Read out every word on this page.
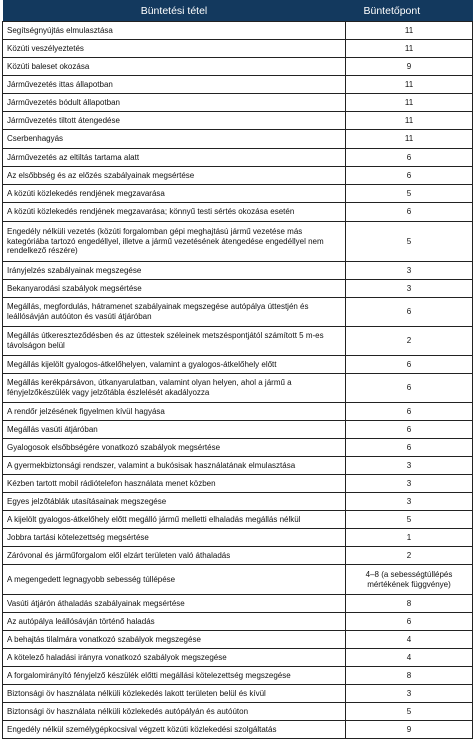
Büntetési tétel	Büntetőpont
Segítségnyújtás elmulasztása	11
Közúti veszélyeztetés	11
Közúti baleset okozása	9
Járművezetés ittas állapotban	11
Járművezetés bódult állapotban	11
Járművezetés tiltott átengedése	11
Cserbenhagyás	11
Járművezetés az eltiltás tartama alatt	6
Az elsőbbség és az előzés szabályainak megsértése	6
A közúti közlekedés rendjének megzavarása	5
A közúti közlekedés rendjének megzavarása; könnyű testi sértés okozása esetén	6
Engedély nélküli vezetés (közúti forgalomban gépi meghajtású jármű vezetése más kategóriába tartozó engedéllyel, illetve a jármű vezetésének átengedése engedéllyel nem rendelkező részére)	5
Irányjelzés szabályainak megszegése	3
Bekanyarodási szabályok megsértése	3
Megállás, megfordulás, hátramenet szabályainak megszegése autópálya úttestjén és leállósávján autóúton és vasúti átjáróban	6
Megállás útkereszteződésben és az úttestek széleinek metszéspontjától számított 5 m-es távolságon belül	2
Megállás kijelölt gyalogos-átkelőhelyen, valamint a gyalogos-átkelőhely előtt	6
Megállás kerékpársávon, útkanyarulatban, valamint olyan helyen, ahol a jármű a fényjelzőkészülék vagy jelzőtábla észlelését akadályozza	6
A rendőr jelzésének figyelmen kívül hagyása	6
Megállás vasúti átjáróban	6
Gyalogosok elsőbbségére vonatkozó szabályok megsértése	6
A gyermekbiztonsági rendszer, valamint a bukósisak használatának elmulasztása	3
Kézben tartott mobil rádiótelefon használata menet közben	3
Egyes jelzőtáblák utasításainak megszegése	3
A kijelölt gyalogos-átkelőhely előtt megálló jármű melletti elhaladás megállás nélkül	5
Jobbra tartási kötelezettség megsértése	1
Záróvonal és járműforgalom elől elzárt területen való áthaladás	2
A megengedett legnagyobb sebesség túllépése	4–8 (a sebességtúllépés mértékének függvénye)
Vasúti átjárón áthaladás szabályainak megsértése	8
Az autópálya leállósávján történő haladás	6
A behajtás tilalmára vonatkozó szabályok megszegése	4
A kötelező haladási irányra vonatkozó szabályok megszegése	4
A forgalomirányító fényjelző készülék előtti megállási kötelezettség megszegése	8
Biztonsági öv használata nélküli közlekedés lakott területen belül és kívül	3
Biztonsági öv használata nélküli közlekedés autópályán és autóúton	5
Engedély nélkül személygépkocsival végzett közúti közlekedési szolgáltatás	9
